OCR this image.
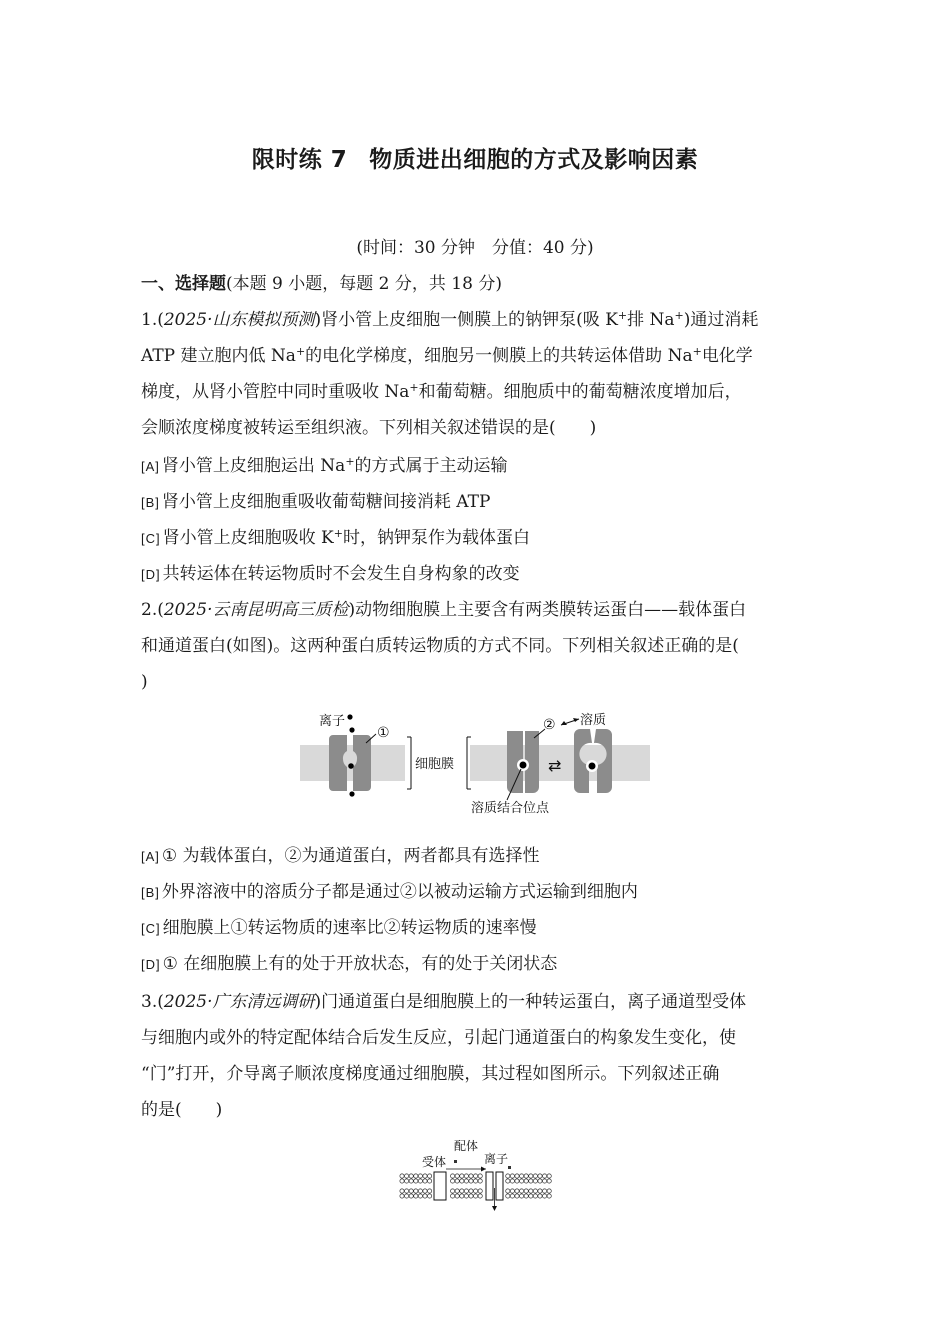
限时练 7 物质进出细胞的方式及影响因素
(时间：30 分钟　分值：40 分)
一、选择题(本题 9 小题，每题 2 分，共 18 分)
1.(2025·山东模拟预测)肾小管上皮细胞一侧膜上的钠钾泵(吸 K+排 Na+)通过消耗
ATP 建立胞内低 Na+的电化学梯度，细胞另一侧膜上的共转运体借助 Na+电化学
梯度，从肾小管腔中同时重吸收 Na+和葡萄糖。细胞质中的葡萄糖浓度增加后，
会顺浓度梯度被转运至组织液。下列相关叙述错误的是(　　)
[A] 肾小管上皮细胞运出 Na+的方式属于主动运输
[B] 肾小管上皮细胞重吸收葡萄糖间接消耗 ATP
[C] 肾小管上皮细胞吸收 K+时，钠钾泵作为载体蛋白
[D] 共转运体在转运物质时不会发生自身构象的改变
2.(2025·云南昆明高三质检)动物细胞膜上主要含有两类膜转运蛋白——载体蛋白
和通道蛋白(如图)。这两种蛋白质转运物质的方式不同。下列相关叙述正确的是(
)
离子
①
细胞膜	⇄
② 溶质
溶质结合位点
[A] ① 为载体蛋白，②为通道蛋白，两者都具有选择性
[B] 外界溶液中的溶质分子都是通过②以被动运输方式运输到细胞内
[C] 细胞膜上①转运物质的速率比②转运物质的速率慢
[D] ① 在细胞膜上有的处于开放状态，有的处于关闭状态
3.(2025·广东清远调研)门通道蛋白是细胞膜上的一种转运蛋白，离子通道型受体
与细胞内或外的特定配体结合后发生反应，引起门通道蛋白的构象发生变化，使
“门”打开，介导离子顺浓度梯度通过细胞膜，其过程如图所示。下列叙述正确
的是(　　)
配体
受体	离子
